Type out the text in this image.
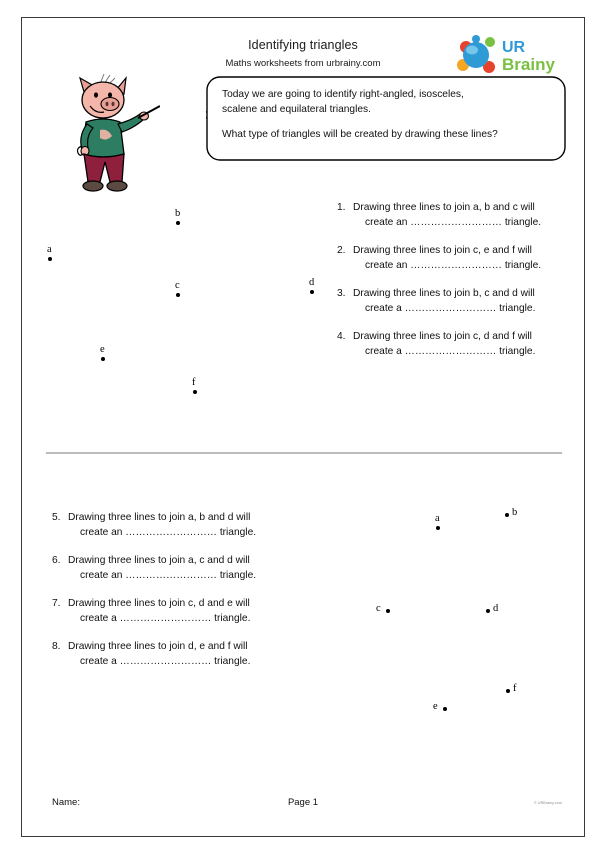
Identifying triangles
Maths worksheets from urbrainy.com
UR
Brainy

Today we are going to identify right-angled, isosceles,

scalene and equilateral triangles.

What type of triangles will be created by drawing these lines?

a
b
c	d
e
f
1. Drawing three lines to join a, b and c will
create an ……………………… triangle.
2. Drawing three lines to join c, e and f will
create an ……………………… triangle.
3. Drawing three lines to join b, c and d will
create a ……………………… triangle.
4. Drawing three lines to join c, d and f will
create a ……………………… triangle.
5. Drawing three lines to join a, b and d will
create an ……………………… triangle.
6. Drawing three lines to join a, c and d will
create an ……………………… triangle.
7. Drawing three lines to join c, d and e will
create a ……………………… triangle.
8. Drawing three lines to join d, e and f will
create a ……………………… triangle.
a
b
c	d
e
f
Name:	Page 1	© URBrainy.com
